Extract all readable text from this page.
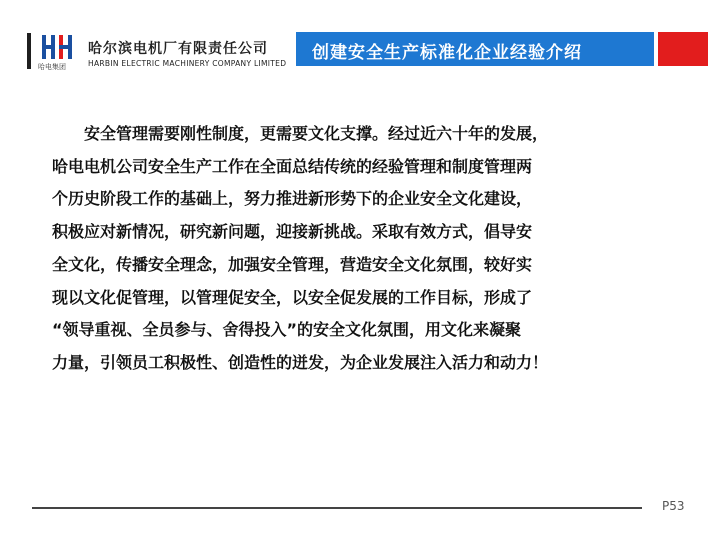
哈电集团
哈尔滨电机厂有限责任公司
HARBIN ELECTRIC MACHINERY COMPANY LIMITED
创建安全生产标准化企业经验介绍
安全管理需要刚性制度，更需要文化支撑。经过近六十年的发展，
哈电电机公司安全生产工作在全面总结传统的经验管理和制度管理两
个历史阶段工作的基础上，努力推进新形势下的企业安全文化建设，
积极应对新情况，研究新问题，迎接新挑战。采取有效方式，倡导安
全文化，传播安全理念，加强安全管理，营造安全文化氛围，较好实
现以文化促管理，以管理促安全，以安全促发展的工作目标，形成了
“领导重视、全员参与、舍得投入”的安全文化氛围，用文化来凝聚
力量，引领员工积极性、创造性的迸发，为企业发展注入活力和动力！
P53
